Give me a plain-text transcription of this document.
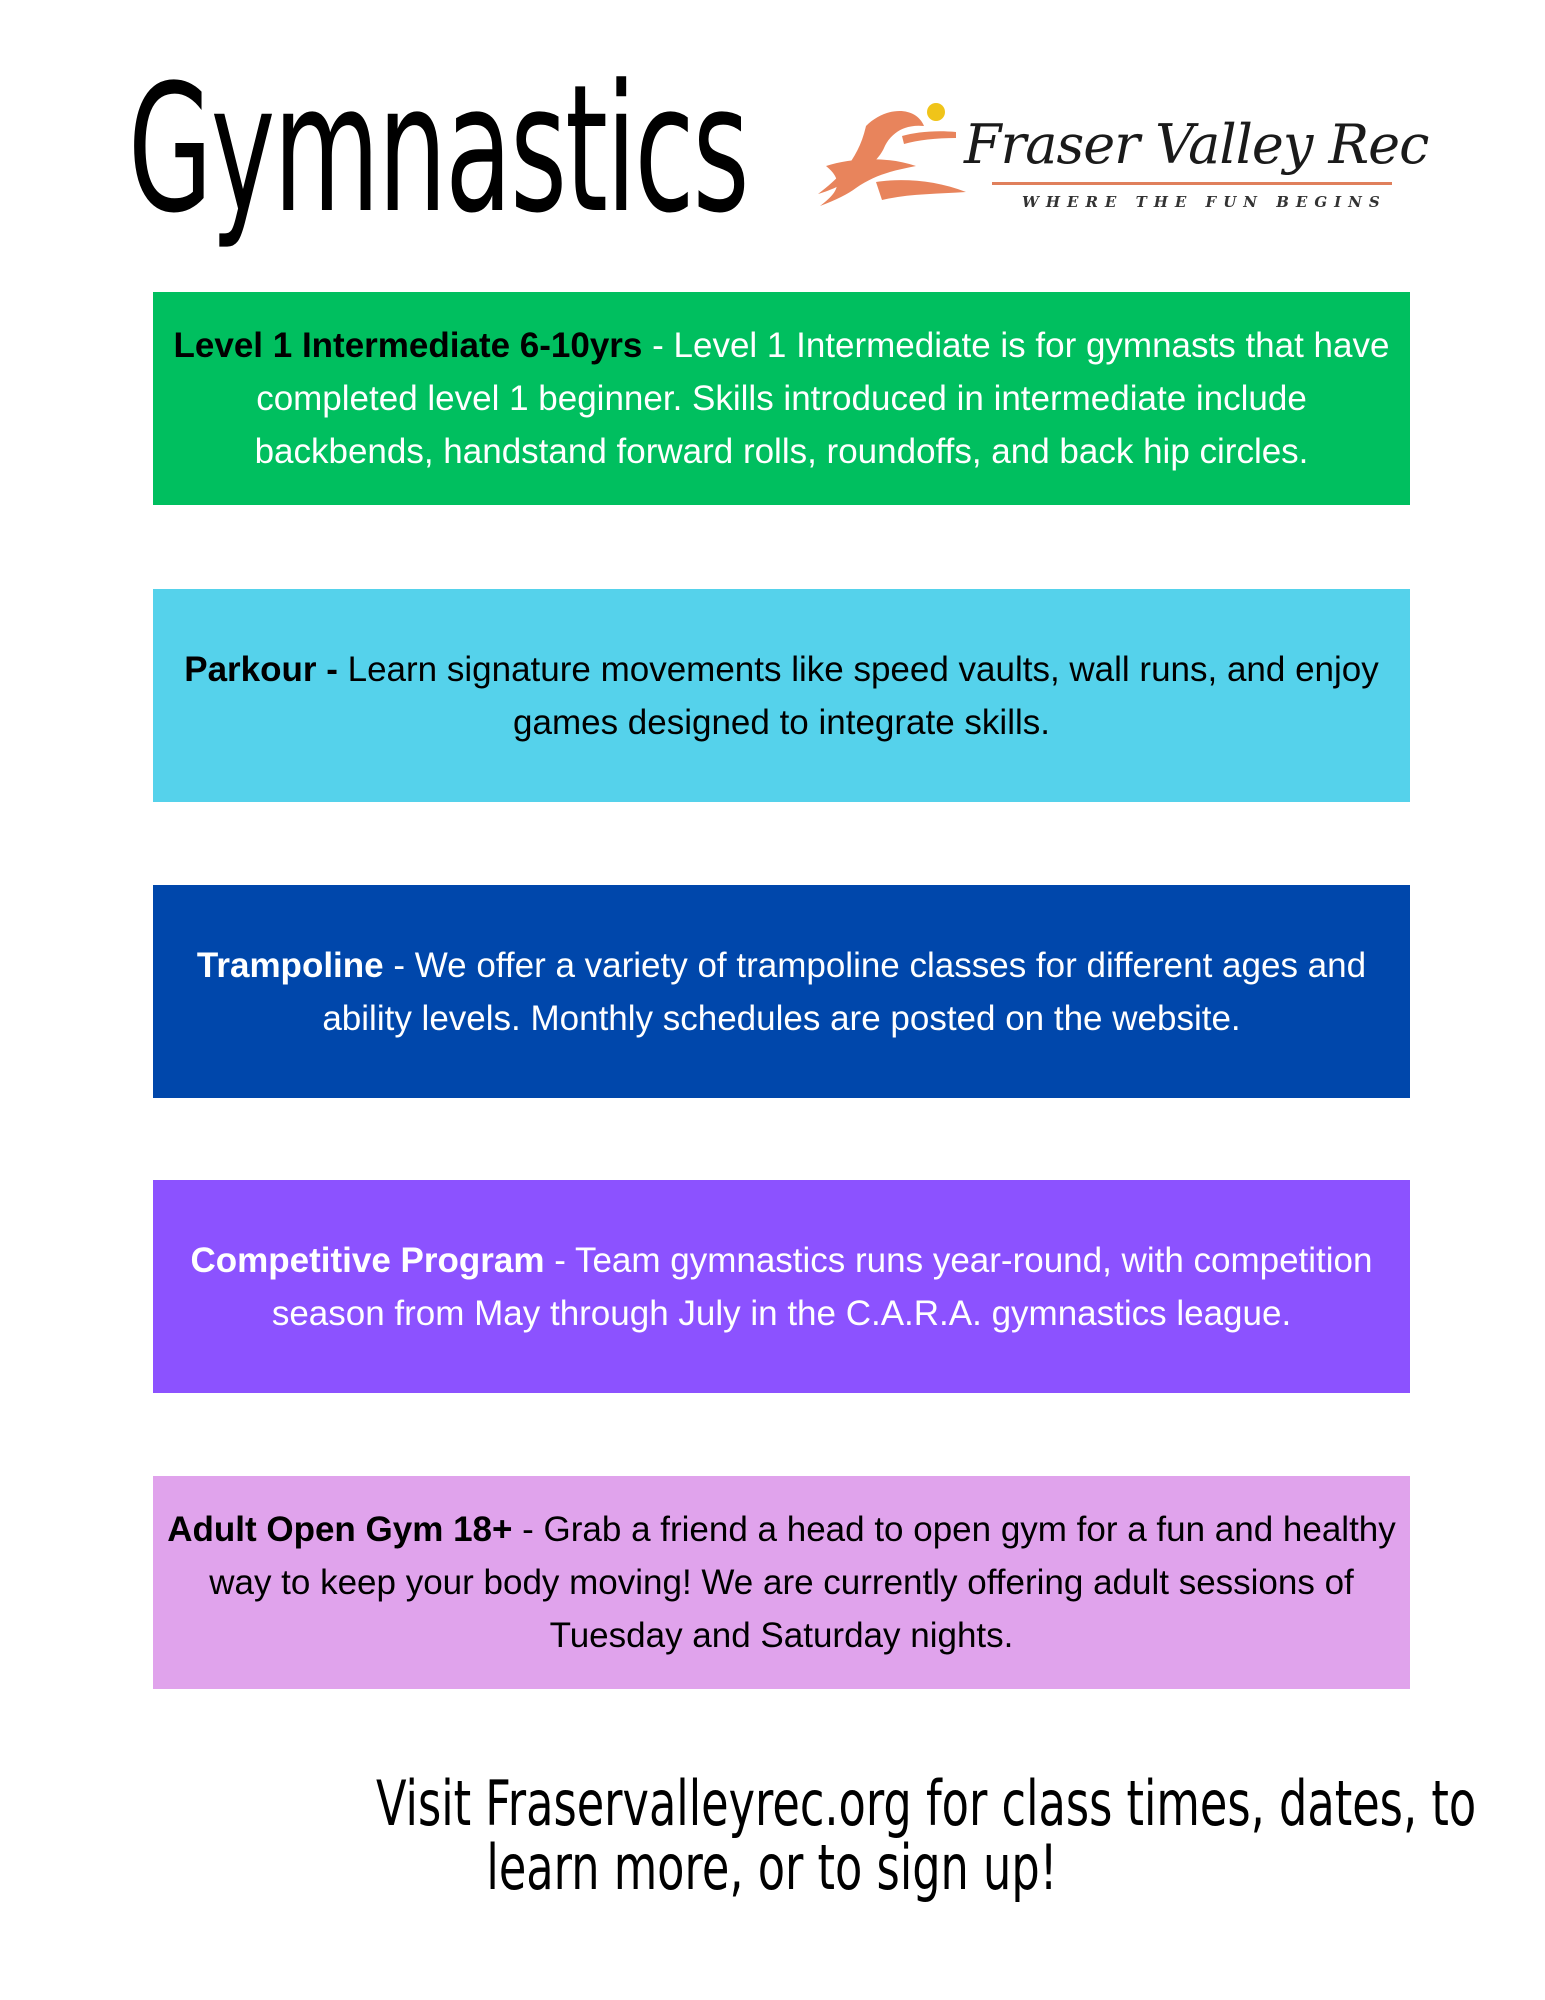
Gymnastics	Fraser Valley Rec
WHERE THE FUN BEGINS
Level 1 Intermediate 6-10yrs - Level 1 Intermediate is for gymnasts that have completed level 1 beginner. Skills introduced in intermediate include backbends, handstand forward rolls, roundoffs, and back hip circles.
Parkour - Learn signature movements like speed vaults, wall runs, and enjoy games designed to integrate skills.
Trampoline - We offer a variety of trampoline classes for different ages and ability levels. Monthly schedules are posted on the website.
Competitive Program - Team gymnastics runs year-round, with competition season from May through July in the C.A.R.A. gymnastics league.
Adult Open Gym 18+ - Grab a friend a head to open gym for a fun and healthy way to keep your body moving! We are currently offering adult sessions of Tuesday and Saturday nights.
Visit Fraservalleyrec.org for class times, dates, to
learn more, or to sign up!
